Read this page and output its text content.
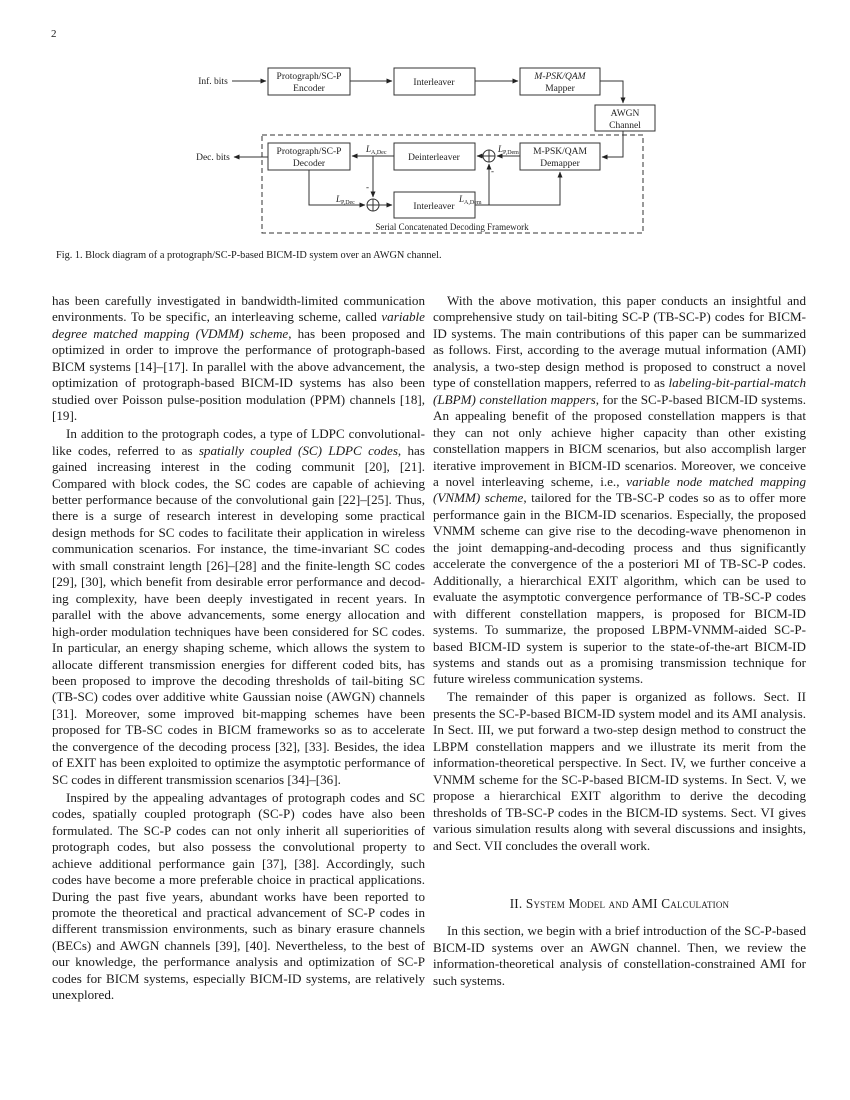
2
Inf. bits
Dec. bits
Protograph/SC-P
Encoder
Interleaver
M-PSK/QAM
Mapper
AWGN
Channel
Protograph/SC-P
Decoder
Deinterleaver
M-PSK/QAM
Demapper
Interleaver
Serial Concatenated Decoding Framework
$L_{A,Dec}$
$L_{P,Dec}$
$L_{P,Dem}$
$L_{A,Dem}$
-
-
Fig. 1. Block diagram of a protograph/SC-P-based BICM-ID system over an AWGN channel.

has been carefully investigated in bandwidth-limited communication environments. To be specific, an interleaving scheme, called variable degree matched mapping (VDMM) scheme, has been proposed and optimized in order to improve the performance of protograph-based BICM systems [14]–[17]. In parallel with the above advancement, the optimization of protograph-based BICM-ID systems has also been studied over Poisson pulse-position modulation (PPM) channels [18], [19].

In addition to the protograph codes, a type of LDPC convolutional-like codes, referred to as spatially coupled (SC) LDPC codes, has gained increasing interest in the coding communit [20], [21]. Compared with block codes, the SC codes are capable of achieving better performance because of the convolutional gain [22]–[25]. Thus, there is a surge of research interest in developing some practical design methods for SC codes to facilitate their application in wireless communication scenarios. For instance, the time-invariant SC codes with small constraint length [26]–[28] and the finite-length SC codes [29], [30], which benefit from desirable error performance and decoding complexity, have been deeply investigated in recent years. In parallel with the above advancements, some energy allocation and high-order modulation techniques have been considered for SC codes. In particular, an energy shaping scheme, which allows the system to allocate different transmission energies for different coded bits, has been proposed to improve the decoding thresholds of tail-biting SC (TB-SC) codes over additive white Gaussian noise (AWGN) channels [31]. Moreover, some improved bit-mapping schemes have been proposed for TB-SC codes in BICM frameworks so as to accelerate the convergence of the decoding process [32], [33]. Besides, the idea of EXIT has been exploited to optimize the asymptotic performance of SC codes in different transmission scenarios [34]–[36].

Inspired by the appealing advantages of protograph codes and SC codes, spatially coupled protograph (SC-P) codes have also been formulated. The SC-P codes can not only inherit all superiorities of protograph codes, but also possess the convolutional property to achieve additional performance gain [37], [38]. Accordingly, such codes have become a more preferable choice in practical applications. During the past five years, abundant works have been reported to promote the theoretical and practical advancement of SC-P codes in different transmission environments, such as binary erasure channels (BECs) and AWGN channels [39], [40]. Nevertheless, to the best of our knowledge, the performance analysis and optimization of SC-P codes for BICM systems, especially BICM-ID systems, are relatively unexplored.

With the above motivation, this paper conducts an insightful and comprehensive study on tail-biting SC-P (TB-SC-P) codes for BICM-ID systems. The main contributions of this paper can be summarized as follows. First, according to the average mutual information (AMI) analysis, a two-step design method is proposed to construct a novel type of constellation mappers, referred to as labeling-bit-partial-match (LBPM) constellation mappers, for the SC-P-based BICM-ID systems. An appealing benefit of the proposed constellation mappers is that they can not only achieve higher capacity than other existing constellation mappers in BICM scenarios, but also accomplish larger iterative improvement in BICM-ID scenarios. Moreover, we conceive a novel interleaving scheme, i.e., variable node matched mapping (VNMM) scheme, tailored for the TB-SC-P codes so as to offer more performance gain in the BICM-ID scenarios. Especially, the proposed VNMM scheme can give rise to the decoding-wave phenomenon in the joint demapping-and-decoding process and thus significantly accelerate the convergence of the a posteriori MI of TB-SC-P codes. Additionally, a hierarchical EXIT algorithm, which can be used to evaluate the asymptotic convergence performance of TB-SC-P codes with different constellation mappers, is proposed for BICM-ID systems. To summarize, the proposed LBPM-VNMM-aided SC-P-based BICM-ID system is superior to the state-of-the-art BICM-ID systems and stands out as a promising transmission technique for future wireless communication systems.

The remainder of this paper is organized as follows. Sect. II presents the SC-P-based BICM-ID system model and its AMI analysis. In Sect. III, we put forward a two-step design method to construct the LBPM constellation mappers and we illustrate its merit from the information-theoretical perspective. In Sect. IV, we further conceive a VNMM scheme for the SC-P-based BICM-ID systems. In Sect. V, we propose a hierarchical EXIT algorithm to derive the decoding thresholds of TB-SC-P codes in the BICM-ID systems. Sect. VI gives various simulation results along with several discussions and insights, and Sect. VII concludes the overall work.

II. System Model and AMI Calculation

In this section, we begin with a brief introduction of the SC-P-based BICM-ID systems over an AWGN channel. Then, we review the information-theoretical analysis of constellation-constrained AMI for such systems.
